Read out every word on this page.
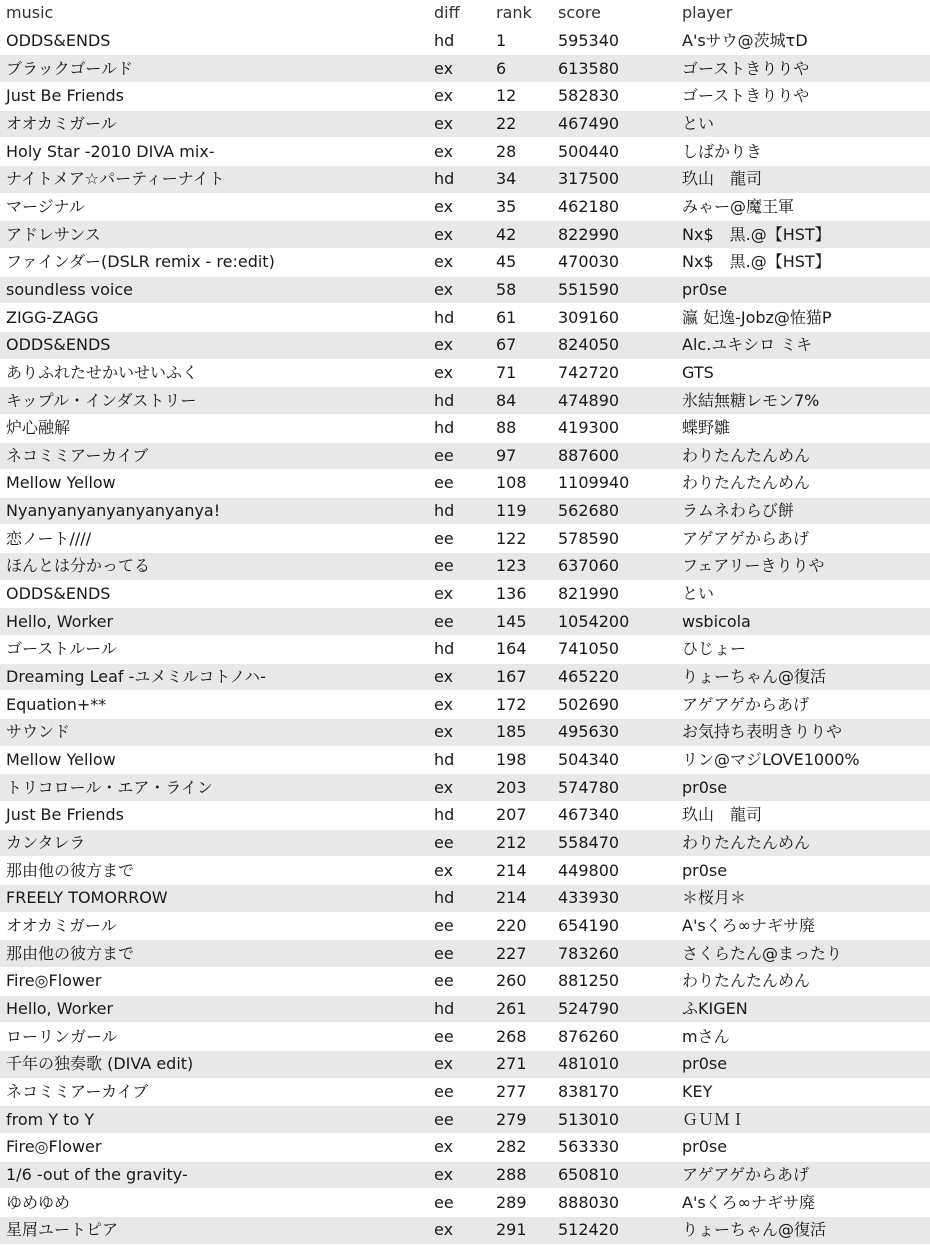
music	diff	rank	score	player
ODDS&ENDS	hd	1	595340	A'sサウ@茨城τD
ブラックゴールド	ex	6	613580	ゴーストきりりや
Just Be Friends	ex	12	582830	ゴーストきりりや
オオカミガール	ex	22	467490	とい
Holy Star -2010 DIVA mix-	ex	28	500440	しばかりき
ナイトメア☆パーティーナイト	hd	34	317500	玖山　龍司
マージナル	ex	35	462180	みゃー@魔王軍
アドレサンス	ex	42	822990	Nx$　黒.@【HST】
ファインダー(DSLR remix - re:edit)	ex	45	470030	Nx$　黒.@【HST】
soundless voice	ex	58	551590	pr0se
ZIGG-ZAGG	hd	61	309160	瀛 妃逸-Jobz@恠猫P
ODDS&ENDS	ex	67	824050	Alc.ユキシロ ミキ
ありふれたせかいせいふく	ex	71	742720	GTS
キップル・インダストリー	hd	84	474890	氷結無糖レモン7%
炉心融解	hd	88	419300	蝶野雛
ネコミミアーカイブ	ee	97	887600	わりたんたんめん
Mellow Yellow	ee	108	1109940	わりたんたんめん
Nyanyanyanyanyanyanya!	hd	119	562680	ラムネわらび餅
恋ノート////	ee	122	578590	アゲアゲからあげ
ほんとは分かってる	ee	123	637060	フェアリーきりりや
ODDS&ENDS	ex	136	821990	とい
Hello, Worker	ee	145	1054200	wsbicola
ゴーストルール	hd	164	741050	ひじょー
Dreaming Leaf -ユメミルコトノハ-	ex	167	465220	りょーちゃん@復活
Equation+**	ex	172	502690	アゲアゲからあげ
サウンド	ex	185	495630	お気持ち表明きりりや
Mellow Yellow	hd	198	504340	リン@マジLOVE1000%
トリコロール・エア・ライン	ex	203	574780	pr0se
Just Be Friends	hd	207	467340	玖山　龍司
カンタレラ	ee	212	558470	わりたんたんめん
那由他の彼方まで	ex	214	449800	pr0se
FREELY TOMORROW	hd	214	433930	＊桜月＊
オオカミガール	ee	220	654190	A'sくろ∞ナギサ廃
那由他の彼方まで	ee	227	783260	さくらたん@まったり
Fire◎Flower	ee	260	881250	わりたんたんめん
Hello, Worker	hd	261	524790	ふKIGEN
ローリンガール	ee	268	876260	mさん
千年の独奏歌 (DIVA edit)	ex	271	481010	pr0se
ネコミミアーカイブ	ee	277	838170	KEY
from Y to Y	ee	279	513010	ＧＵＭＩ
Fire◎Flower	ex	282	563330	pr0se
1/6 -out of the gravity-	ex	288	650810	アゲアゲからあげ
ゆめゆめ	ee	289	888030	A'sくろ∞ナギサ廃
星屑ユートピア	ex	291	512420	りょーちゃん@復活
